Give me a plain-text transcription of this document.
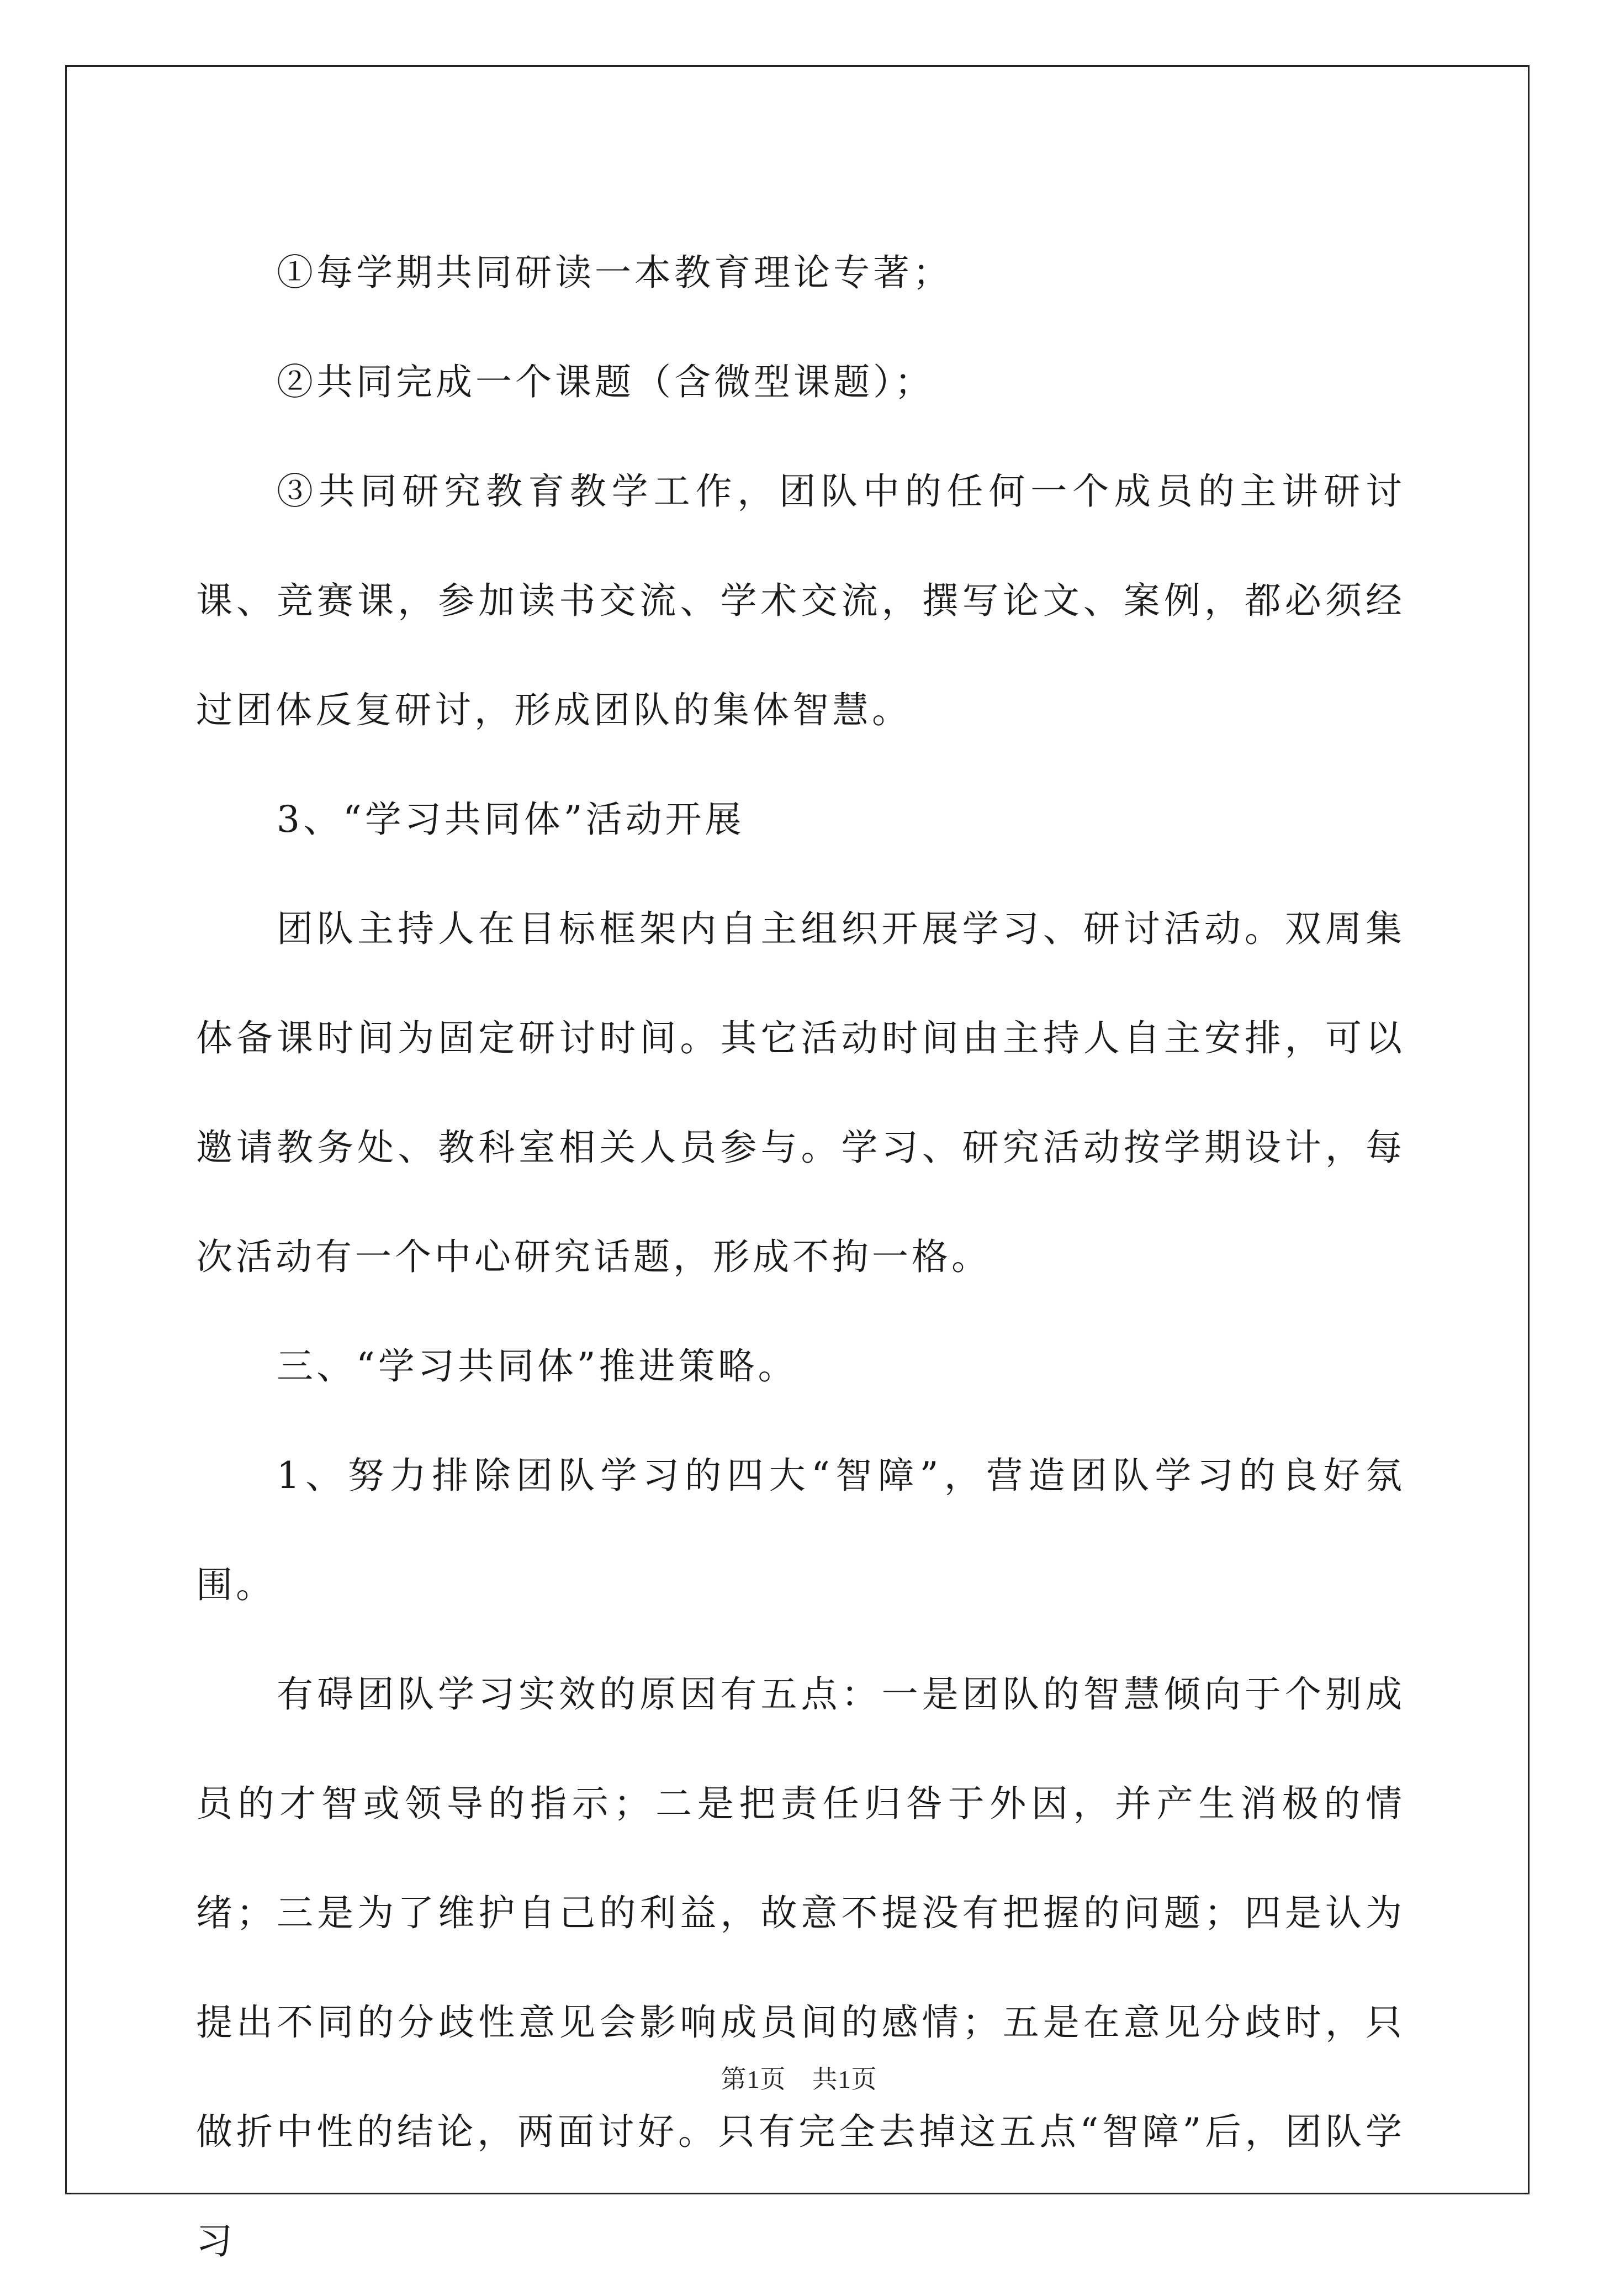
①每学期共同研读一本教育理论专著；

②共同完成一个课题（含微型课题）；

③共同研究教育教学工作，团队中的任何一个成员的主讲研讨课、竞赛课，参加读书交流、学术交流，撰写论文、案例，都必须经过团体反复研讨，形成团队的集体智慧。

3、“学习共同体”活动开展

团队主持人在目标框架内自主组织开展学习、研讨活动。双周集体备课时间为固定研讨时间。其它活动时间由主持人自主安排，可以邀请教务处、教科室相关人员参与。学习、研究活动按学期设计，每次活动有一个中心研究话题，形成不拘一格。

三、“学习共同体”推进策略。

1、努力排除团队学习的四大“智障”，营造团队学习的良好氛围。

有碍团队学习实效的原因有五点：一是团队的智慧倾向于个别成员的才智或领导的指示；二是把责任归咎于外因，并产生消极的情绪；三是为了维护自己的利益，故意不提没有把握的问题；四是认为提出不同的分歧性意见会影响成员间的感情；五是在意见分歧时，只做折中性的结论，两面讨好。只有完全去掉这五点“智障”后，团队学习

第1页　共1页
